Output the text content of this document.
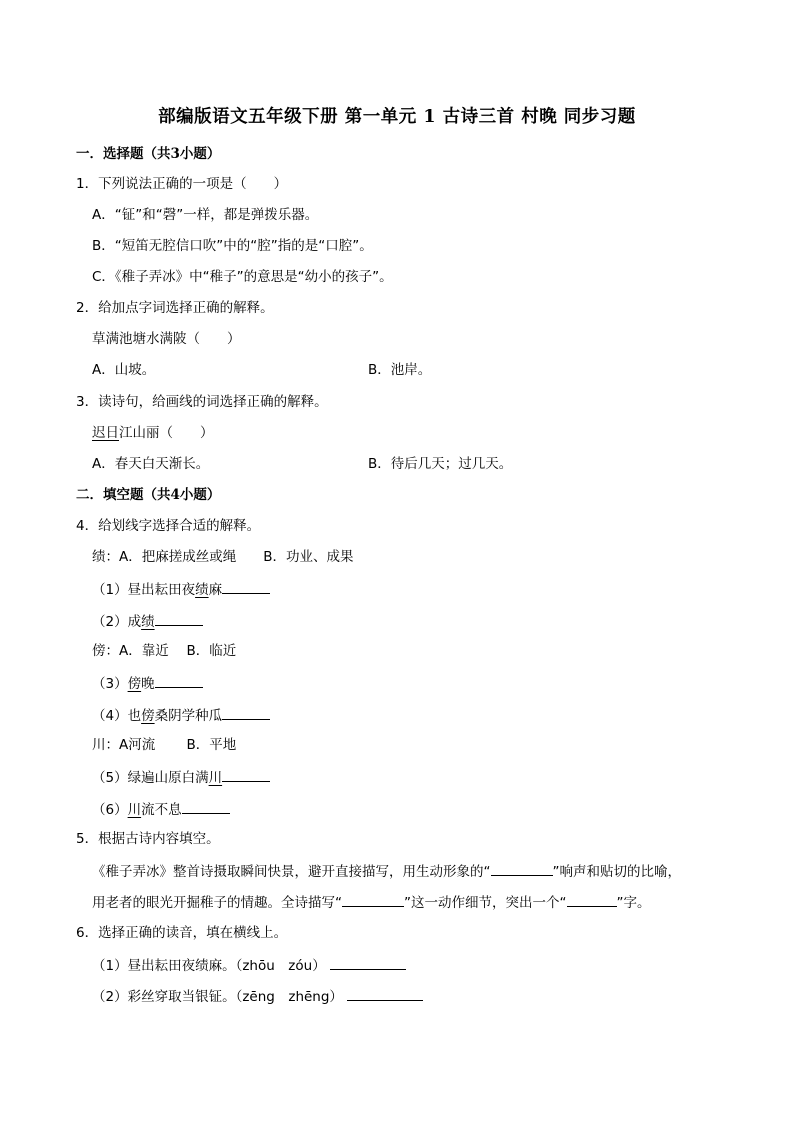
部编版语文五年级下册 第一单元 1 古诗三首 村晚 同步习题
一．选择题（共3小题）
1．下列说法正确的一项是（　　）
A．“钲”和“磬”一样，都是弹拨乐器。
B．“短笛无腔信口吹”中的“腔”指的是“口腔”。
C．《稚子弄冰》中“稚子”的意思是“幼小的孩子”。
2．给加点字词选择正确的解释。
草满池塘水满陂（　　）
A．山坡。	B．池岸。
3．读诗句，给画线的词选择正确的解释。
迟日江山丽（　　）
A．春天白天渐长。	B．待后几天；过几天。
二．填空题（共4小题）
4．给划线字选择合适的解释。
绩：A．把麻搓成丝或绳　　B．功业、成果
（1）昼出耘田夜绩麻
（2）成绩
傍：A．靠近　 B．临近
（3）傍晚
（4）也傍桑阴学种瓜
川：A河流　　 B．平地
（5）绿遍山原白满川
（6）川流不息
5．根据古诗内容填空。
《稚子弄冰》整首诗摄取瞬间快景，避开直接描写，用生动形象的“	”响声和贴切的比喻，
用老者的眼光开掘稚子的情趣。全诗描写“	”这一动作细节，突出一个“	”字。
6．选择正确的读音，填在横线上。
（1）昼出耘田夜绩麻。（zhōu　zóu）
（2）彩丝穿取当银钲。（zēng　zhēng）
